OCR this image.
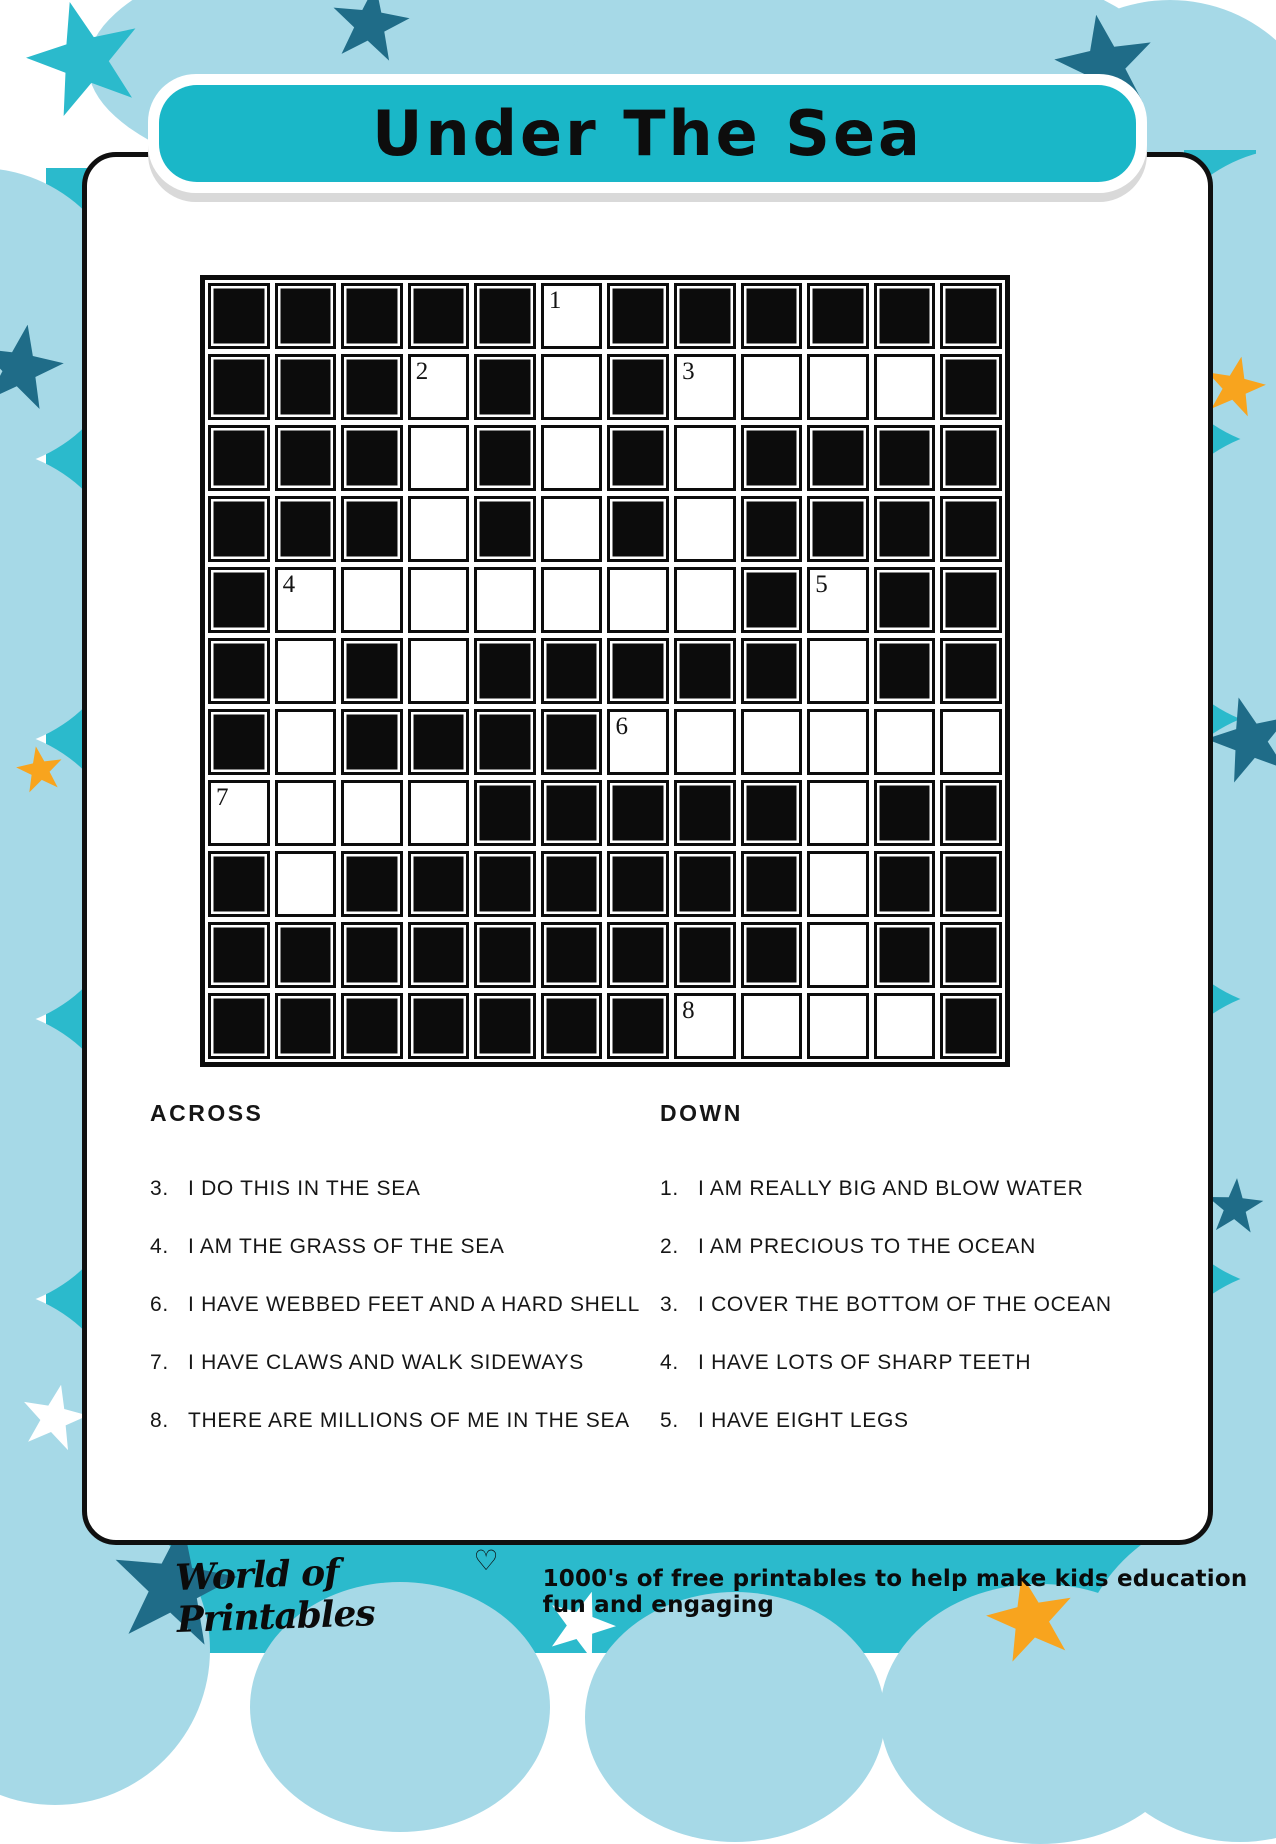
Under The Sea
1
2	3
4	5
6
7
8
ACROSS
3. I DO THIS IN THE SEA
4. I AM THE GRASS OF THE SEA
6. I HAVE WEBBED FEET AND A HARD SHELL
7. I HAVE CLAWS AND WALK SIDEWAYS
8. THERE ARE MILLIONS OF ME IN THE SEA
DOWN
1. I AM REALLY BIG AND BLOW WATER
2. I AM PRECIOUS TO THE OCEAN
3. I COVER THE BOTTOM OF THE OCEAN
4. I HAVE LOTS OF SHARP TEETH
5. I HAVE EIGHT LEGS
World of Printables
♡
1000's of free printables to help make kids education fun and engaging
